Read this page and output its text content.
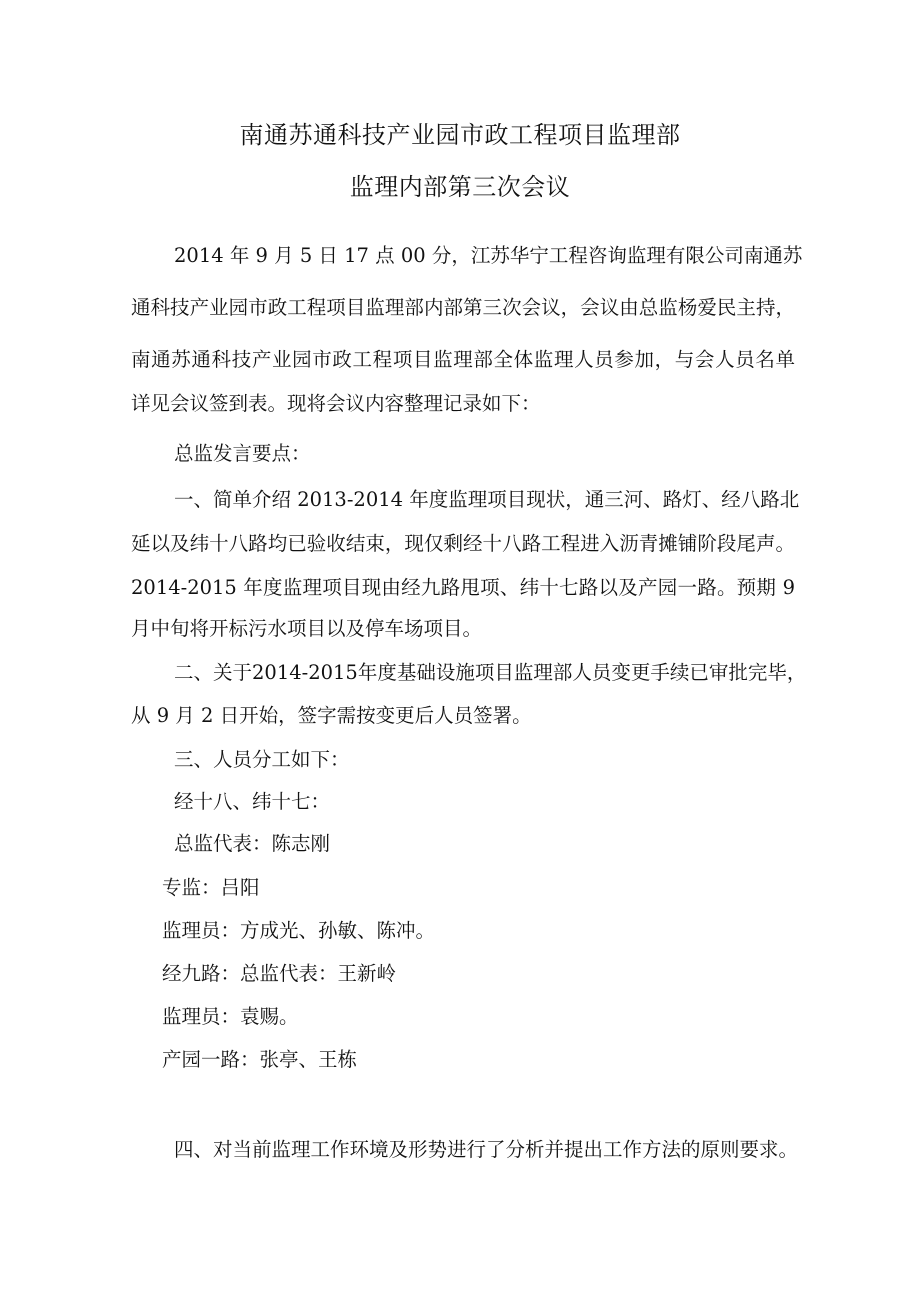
南通苏通科技产业园市政工程项目监理部
监理内部第三次会议

2014 年 9 月 5 日 17 点 00 分，江苏华宁工程咨询监理有限公司南通苏

通科技产业园市政工程项目监理部内部第三次会议，会议由总监杨爱民主持，

南通苏通科技产业园市政工程项目监理部全体监理人员参加，与会人员名单

详见会议签到表。现将会议内容整理记录如下：

总监发言要点：

一、简单介绍 2013-2014 年度监理项目现状，通三河、路灯、经八路北

延以及纬十八路均已验收结束，现仅剩经十八路工程进入沥青摊铺阶段尾声。

2014-2015 年度监理项目现由经九路甩项、纬十七路以及产园一路。预期 9

月中旬将开标污水项目以及停车场项目。

二、关于2014-2015年度基础设施项目监理部人员变更手续已审批完毕，

从 9 月 2 日开始，签字需按变更后人员签署。

三、人员分工如下：

经十八、纬十七：

总监代表：陈志刚

专监：吕阳

监理员：方成光、孙敏、陈冲。

经九路：总监代表：王新岭

监理员：袁赐。

产园一路：张亭、王栋

四、对当前监理工作环境及形势进行了分析并提出工作方法的原则要求。
